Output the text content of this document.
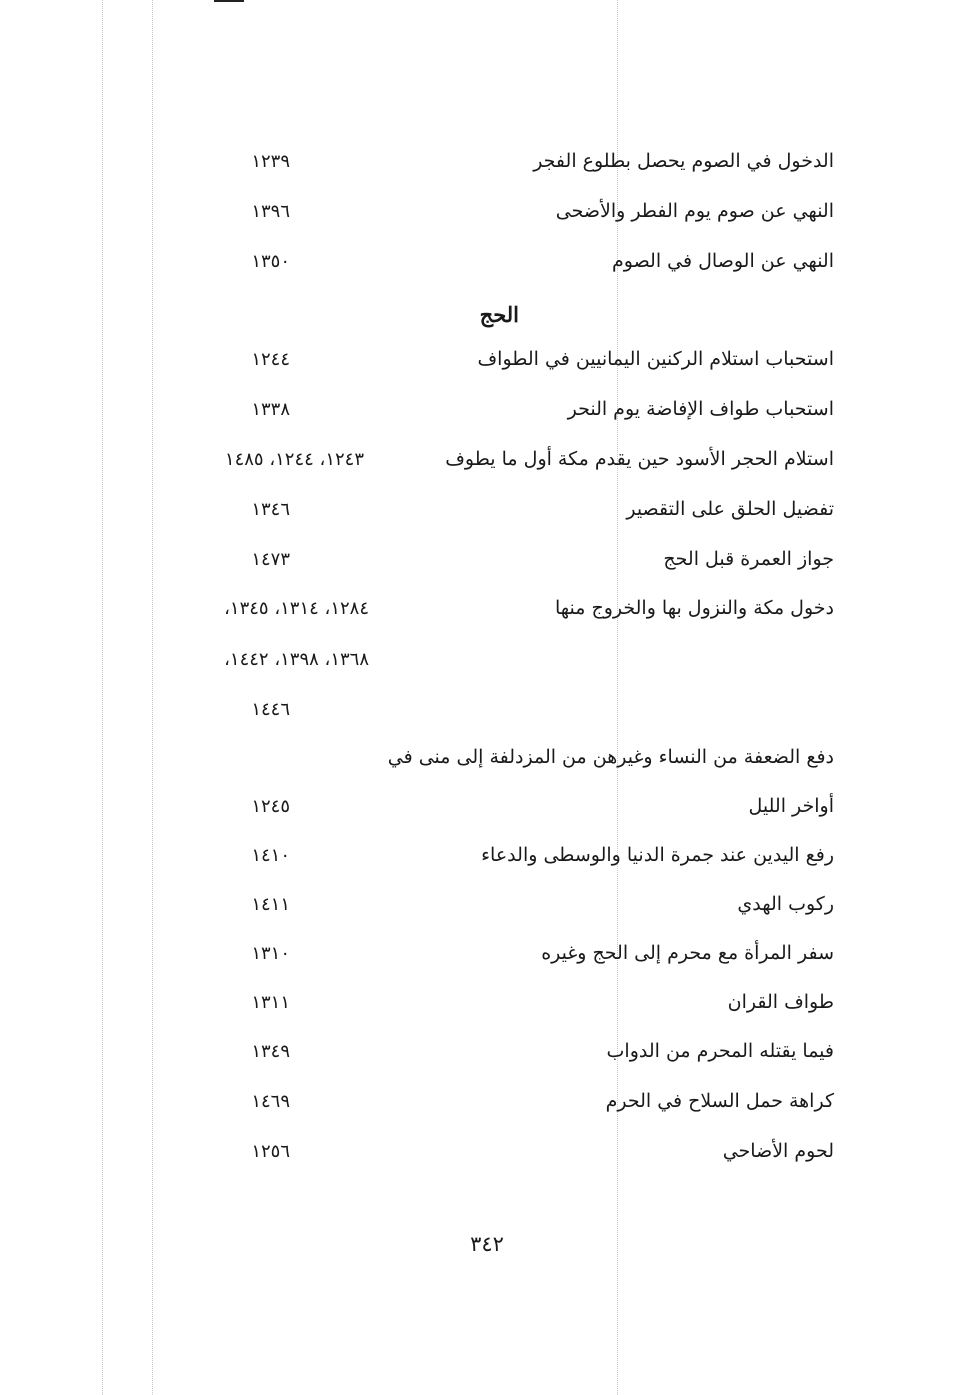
الدخول في الصوم يحصل بطلوع الفجر
١٢٣٩
النهي عن صوم يوم الفطر والأضحى
١٣٩٦
النهي عن الوصال في الصوم
١٣٥٠
الحج
استحباب استلام الركنين اليمانيين في الطواف
١٢٤٤
استحباب طواف الإفاضة يوم النحر
١٣٣٨
استلام الحجر الأسود حين يقدم مكة أول ما يطوف
١٢٤٣، ١٢٤٤، ١٤٨٥
تفضيل الحلق على التقصير
١٣٤٦
جواز العمرة قبل الحج
١٤٧٣
دخول مكة والنزول بها والخروج منها
١٢٨٤، ١٣١٤، ١٣٤٥،
١٣٦٨، ١٣٩٨، ١٤٤٢،
١٤٤٦
دفع الضعفة من النساء وغيرهن من المزدلفة إلى منى في
أواخر الليل
١٢٤٥
رفع اليدين عند جمرة الدنيا والوسطى والدعاء
١٤١٠
ركوب الهدي
١٤١١
سفر المرأة مع محرم إلى الحج وغيره
١٣١٠
طواف القران
١٣١١
فيما يقتله المحرم من الدواب
١٣٤٩
كراهة حمل السلاح في الحرم
١٤٦٩
لحوم الأضاحي
١٢٥٦
٣٤٢
